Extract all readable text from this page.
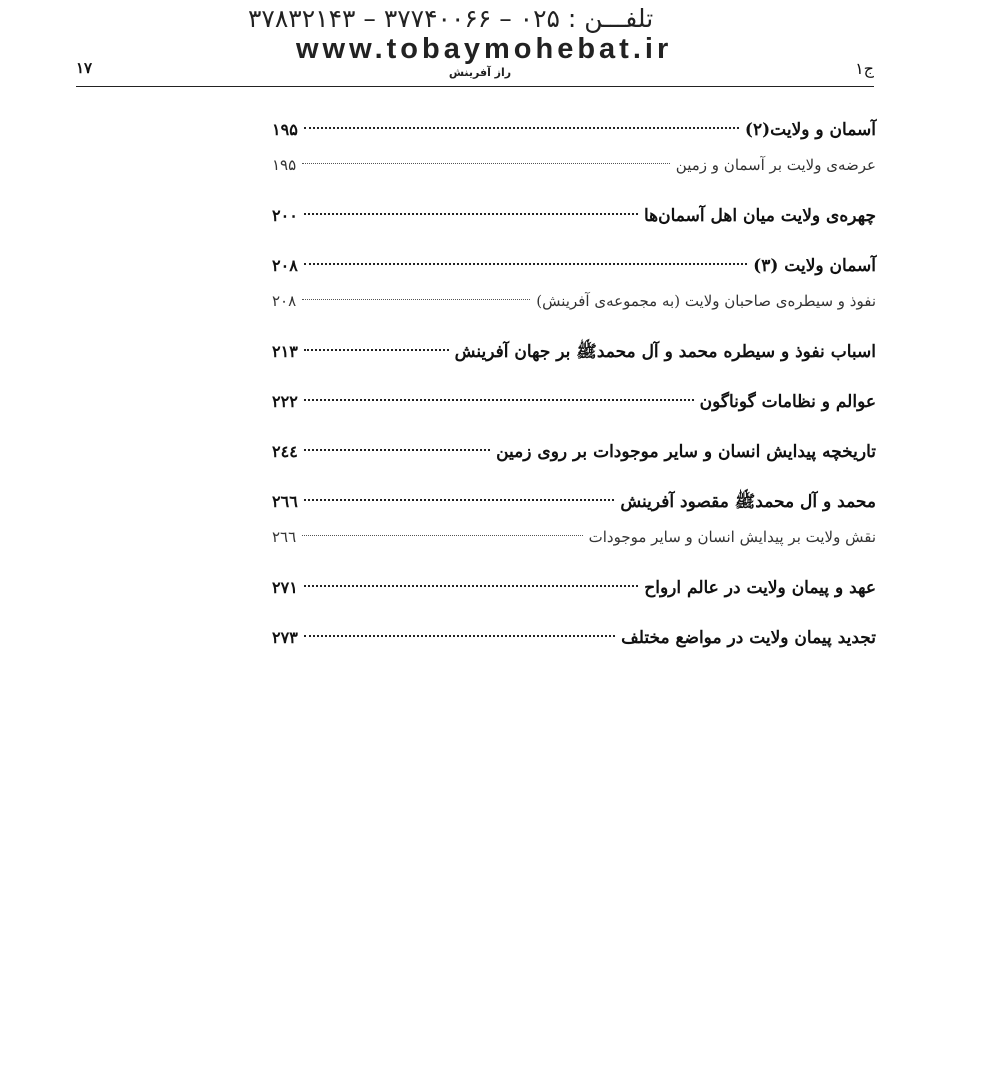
تلفـــن : ۰۲۵ – ۳۷۷۴۰۰۶۶ – ۳۷۸۳۲۱۴۳
www.tobaymohebat.ir
راز آفرینش
۱۷	ج۱
آسمان و ولایت(۲)
۱۹۵
عرضه‌ی ولایت بر آسمان و زمین
۱۹۵
چهره‌ی ولایت میان اهل آسمان‌ها
۲۰۰
آسمان ولایت (۳)
۲۰۸
نفوذ و سیطره‌ی صاحبان ولایت (به مجموعه‌ی آفرینش)
۲۰۸
اسباب نفوذ و سیطره محمد و آل محمدﷺ بر جهان آفرینش
۲۱۳
عوالم و نظامات گوناگون
۲۲۲
تاریخچه پیدایش انسان و سایر موجودات بر روی زمین
۲٤٤
محمد و آل محمدﷺ مقصود آفرینش
۲٦٦
نقش ولایت بر پیدایش انسان و سایر موجودات
۲٦٦
عهد و پیمان ولایت در عالم ارواح
۲۷۱
تجدید پیمان ولایت در مواضع مختلف
۲۷۳
